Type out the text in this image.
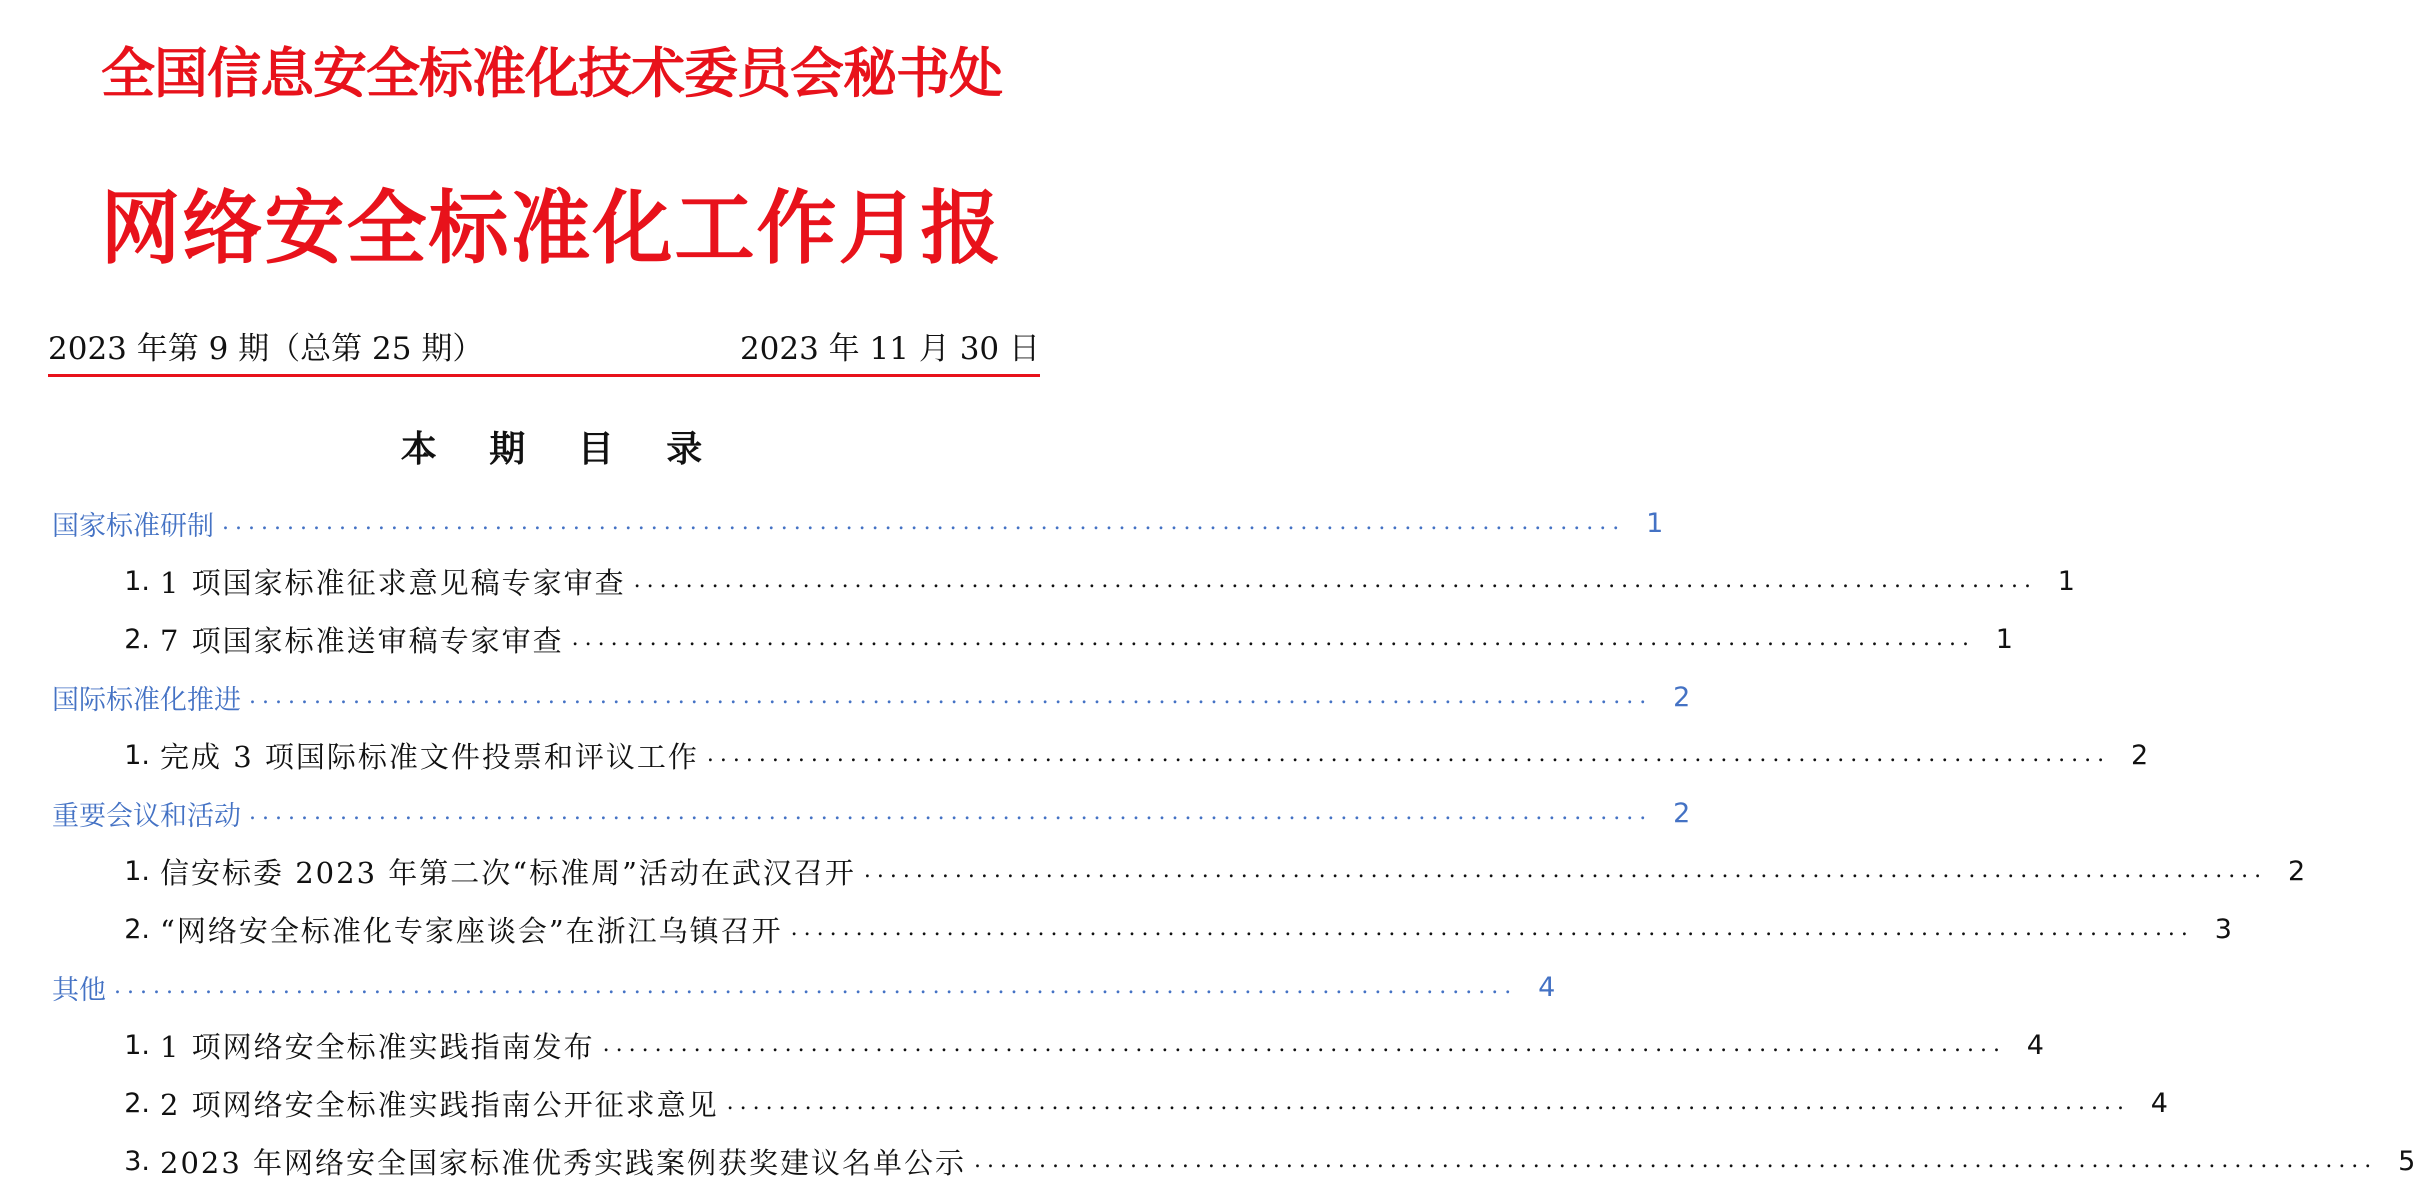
全国信息安全标准化技术委员会秘书处
网络安全标准化工作月报
2023 年第 9 期（总第 25 期）	2023 年 11 月 30 日
本 期 目 录
国家标准研制 ............................................................................................................ 1
1. 1 项国家标准征求意见稿专家审查 ............................................................................................................ 1
2. 7 项国家标准送审稿专家审查 ............................................................................................................ 1
国际标准化推进 ............................................................................................................ 2
1. 完成 3 项国际标准文件投票和评议工作 ............................................................................................................ 2
重要会议和活动 ............................................................................................................ 2
1. 信安标委 2023 年第二次“标准周”活动在武汉召开 ............................................................................................................ 2
2. “网络安全标准化专家座谈会”在浙江乌镇召开 ............................................................................................................ 3
其他 ............................................................................................................ 4
1. 1 项网络安全标准实践指南发布 ............................................................................................................ 4
2. 2 项网络安全标准实践指南公开征求意见 ............................................................................................................ 4
3. 2023 年网络安全国家标准优秀实践案例获奖建议名单公示 ............................................................................................................ 5
